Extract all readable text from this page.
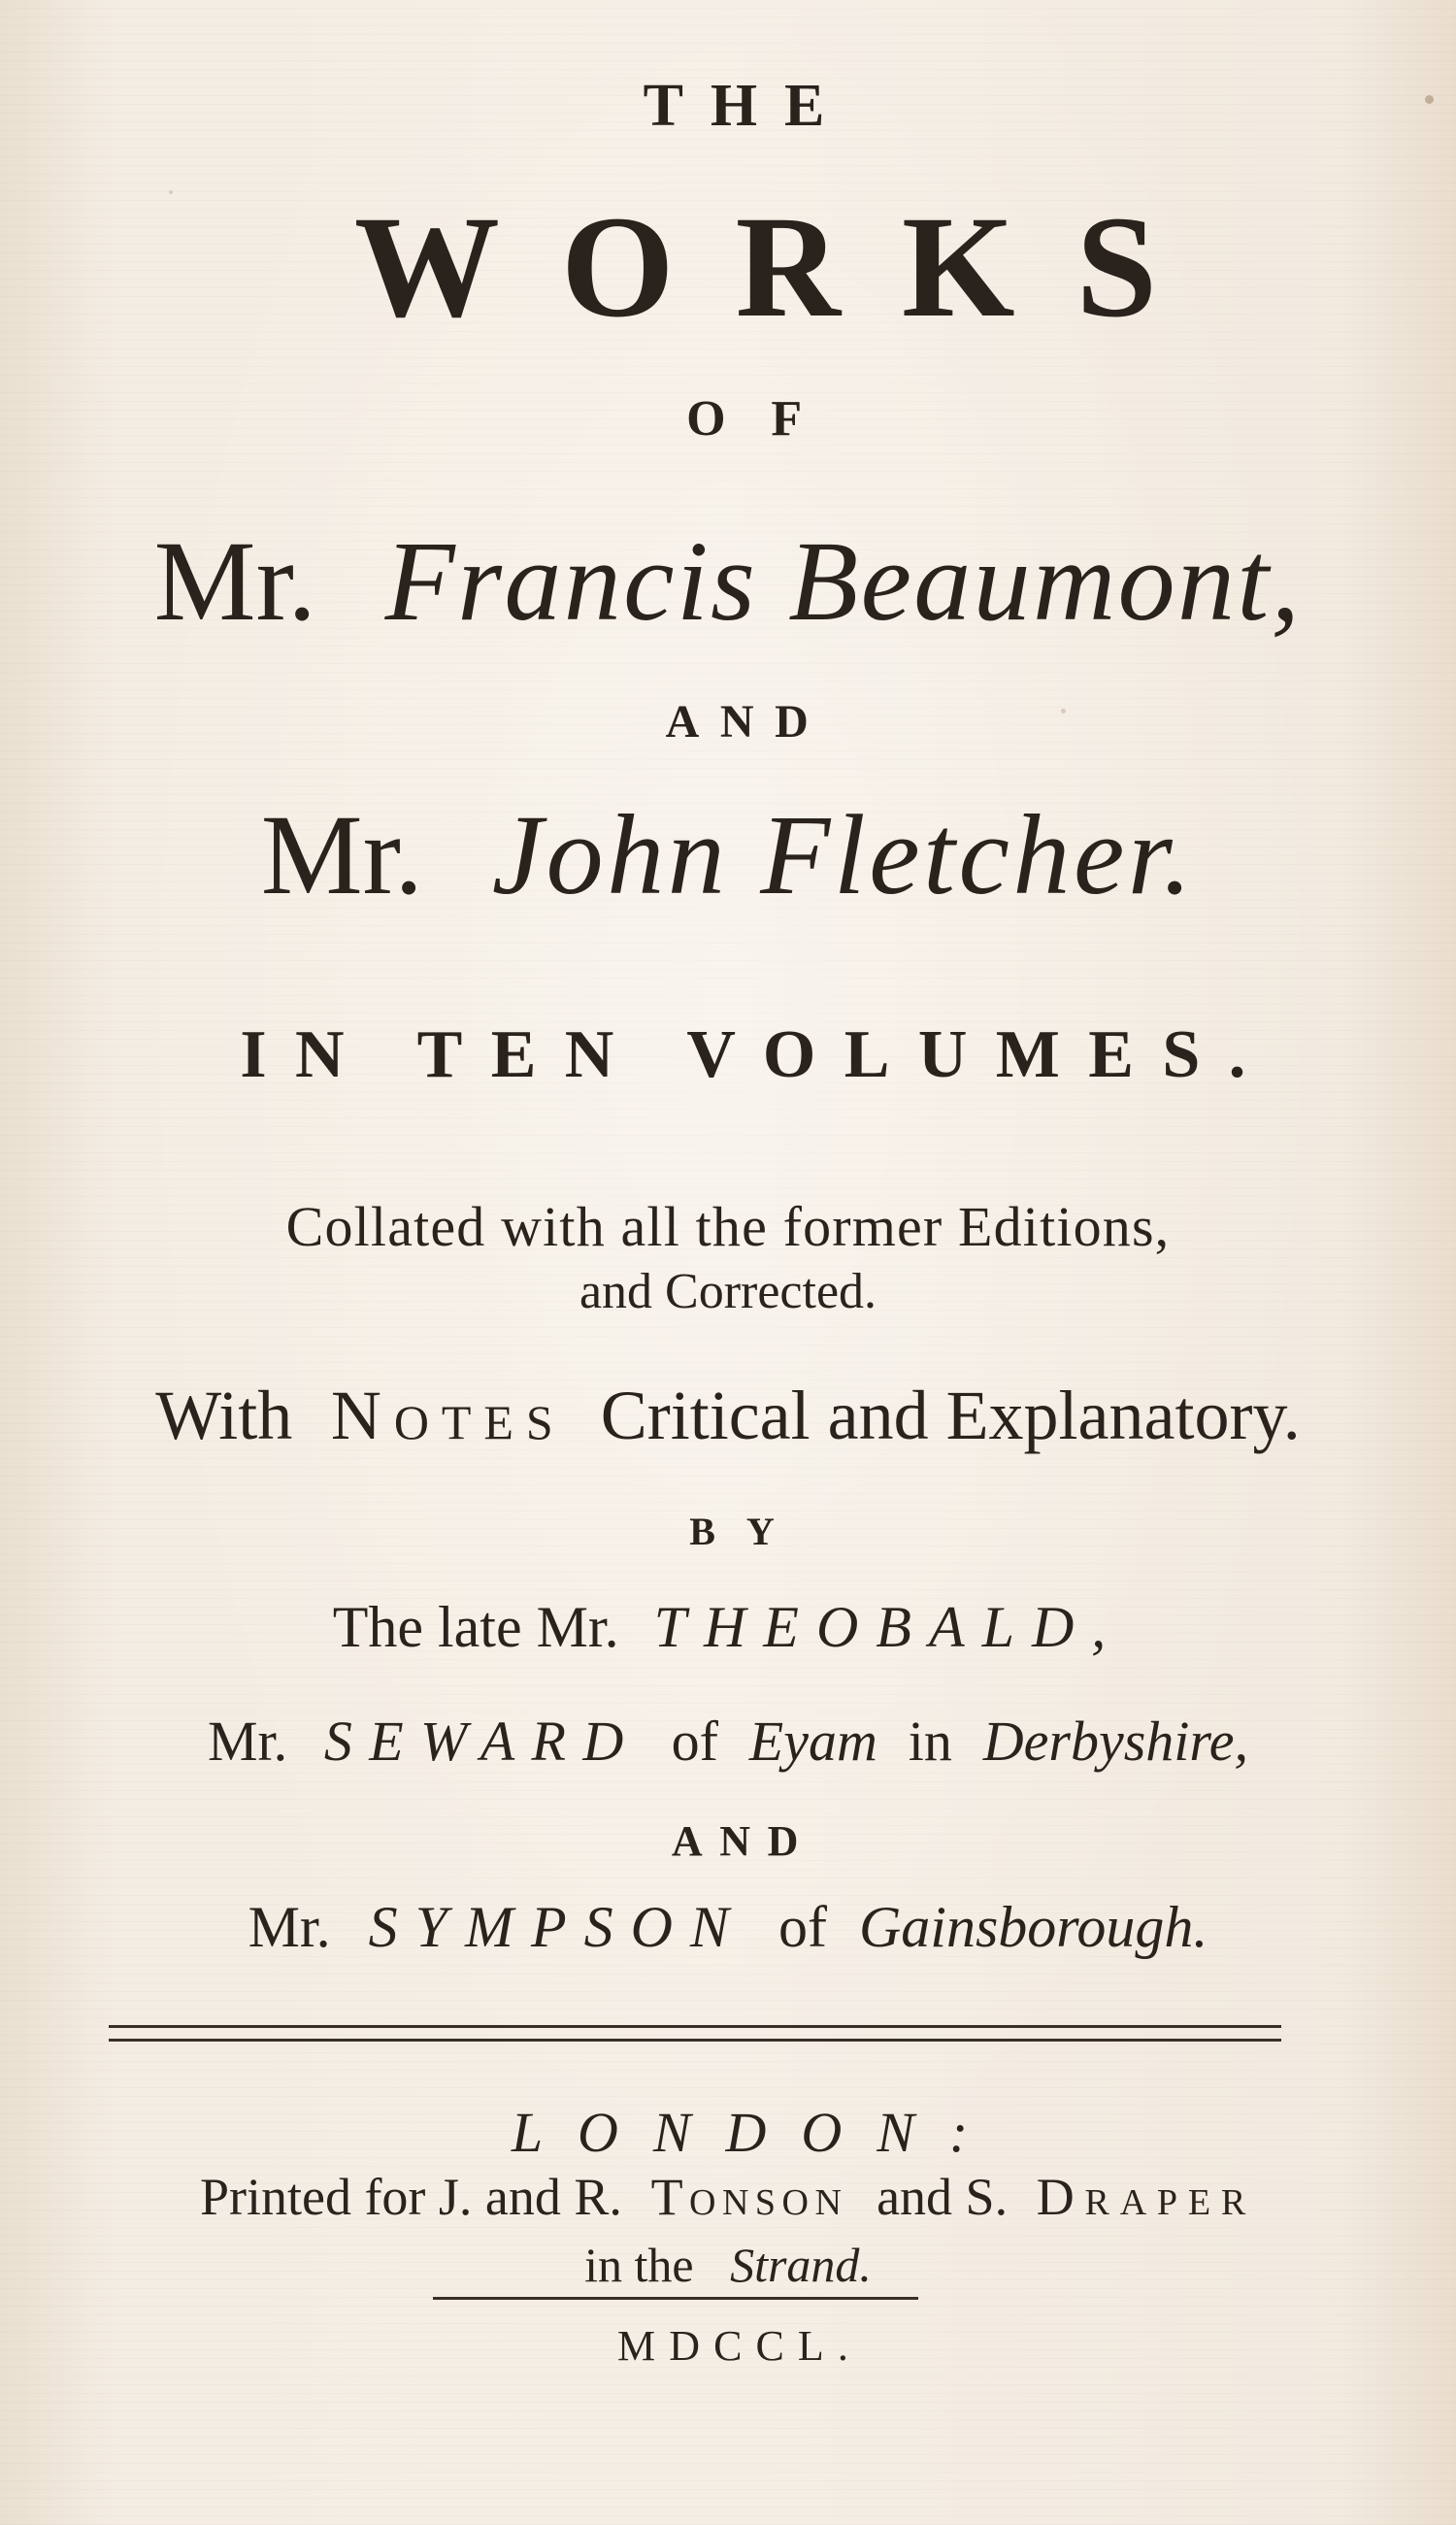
THE
WORKS
OF
Mr. Francis Beaumont,
AND
Mr. John Fletcher.
IN TEN VOLUMES.
Collated with all the former Editions,
and Corrected.
With Notes Critical and Explanatory.
BY
The late Mr. THEOBALD,
Mr. SEWARD of Eyam in Derbyshire,
AND
Mr. SYMPSON of Gainsborough.
LONDON:
Printed for J. and R. Tonson and S. Draper
in the Strand.
MDCCL.
